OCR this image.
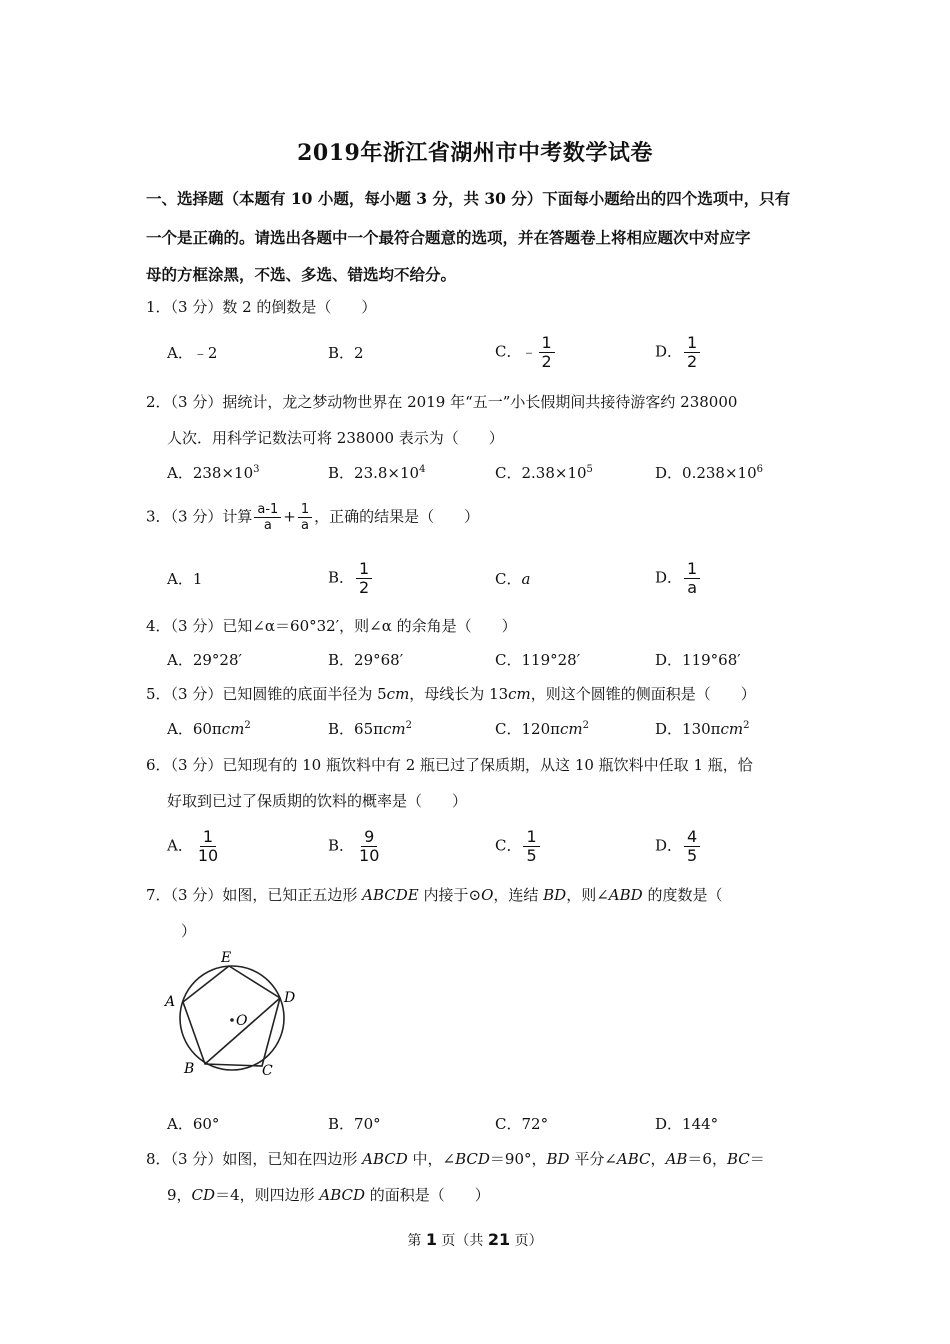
2019年浙江省湖州市中考数学试卷
一、选择题（本题有 10 小题，每小题 3 分，共 30 分）下面每小题给出的四个选项中，只有
一个是正确的。请选出各题中一个最符合题意的选项，并在答题卷上将相应题次中对应字
母的方框涂黑，不选、多选、错选均不给分。
1．（3 分）数 2 的倒数是（　　）
A．﹣2	B．2	C．﹣ $\frac{1}{2}$	D． $\frac{1}{2}$
2．（3 分）据统计，龙之梦动物世界在 2019 年“五一”小长假期间共接待游客约 238000
人次．用科学记数法可将 238000 表示为（　　）
A．$238\times 10^3$	B．$23.8\times 10^4$	C．$2.38\times 10^5$	D．$0.238\times 10^6$
3．（3 分）计算 $\frac{a-1}{a} + \frac{1}{a}$ ，正确的结果是（　　）
A．1	B． $\frac{1}{2}$	C．a	D． $\frac{1}{a}$
4．（3 分）已知∠α＝60°32′，则∠α 的余角是（　　）
A．29°28′	B．29°68′	C．119°28′	D．119°68′
5．（3 分）已知圆锥的底面半径为 5cm，母线长为 13cm，则这个圆锥的侧面积是（　　）
A．60πcm$^2$	B．65πcm$^2$	C．120πcm$^2$	D．130πcm$^2$
6．（3 分）已知现有的 10 瓶饮料中有 2 瓶已过了保质期，从这 10 瓶饮料中任取 1 瓶，恰
好取到已过了保质期的饮料的概率是（　　）
A． $\frac{1}{10}$	B． $\frac{9}{10}$	C． $\frac{1}{5}$	D． $\frac{4}{5}$
7．（3 分）如图，已知正五边形 ABCDE 内接于⊙O，连结 BD，则∠ABD 的度数是（
）
E
D
A
O
B	C
A．60°	B．70°	C．72°	D．144°
8．（3 分）如图，已知在四边形 ABCD 中，∠BCD＝90°，BD 平分∠ABC，AB＝6，BC＝
9，CD＝4，则四边形 ABCD 的面积是（　　）
第 1 页（共 21 页）
